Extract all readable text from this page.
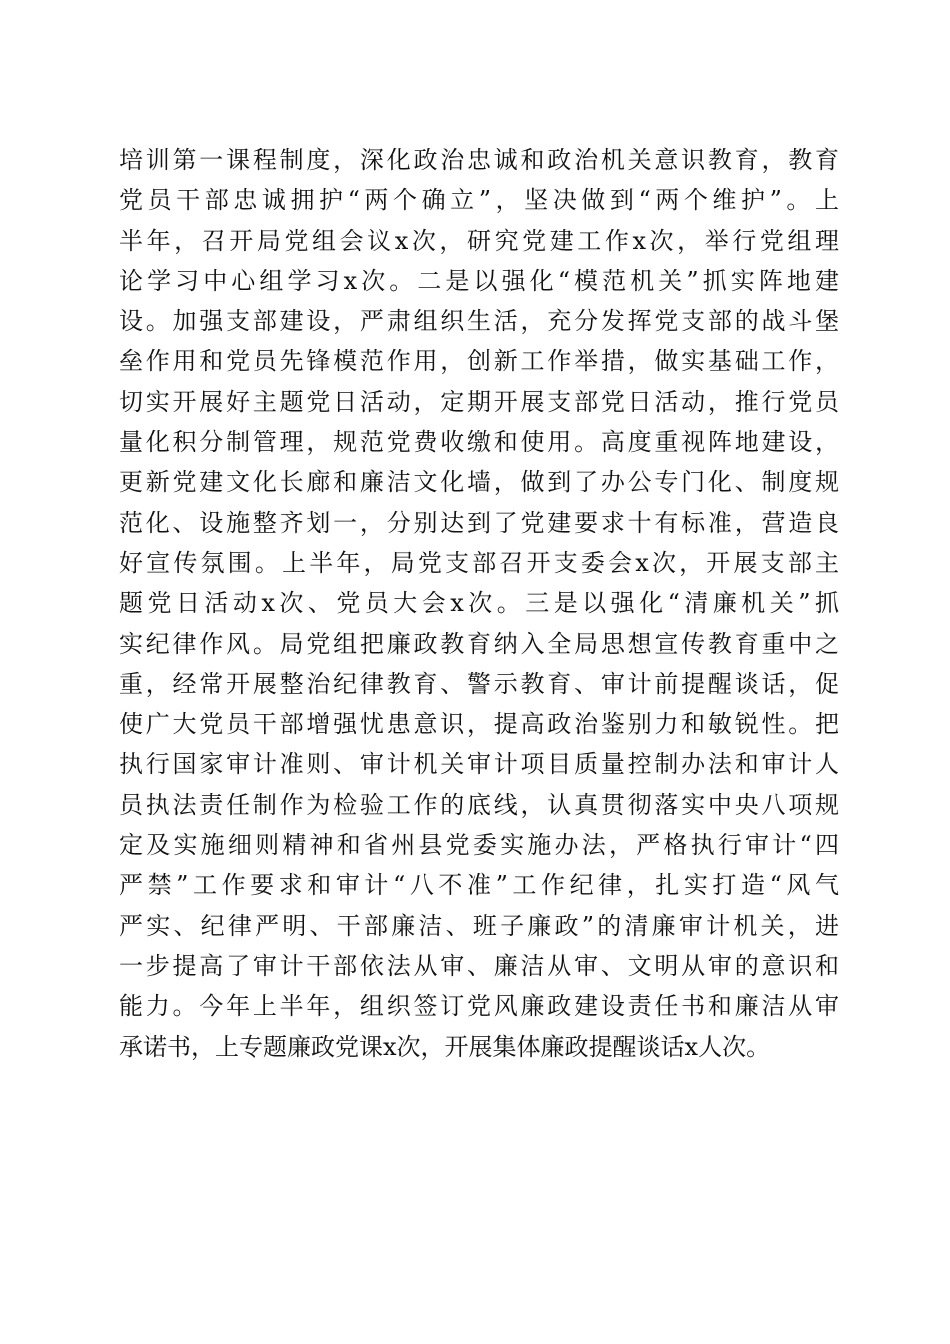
培训第一课程制度，深化政治忠诚和政治机关意识教育，教育
党员干部忠诚拥护“两个确立”，坚决做到“两个维护”。上
半年，召开局党组会议x次，研究党建工作x次，举行党组理
论学习中心组学习x次。二是以强化“模范机关”抓实阵地建
设。加强支部建设，严肃组织生活，充分发挥党支部的战斗堡
垒作用和党员先锋模范作用，创新工作举措，做实基础工作，
切实开展好主题党日活动，定期开展支部党日活动，推行党员
量化积分制管理，规范党费收缴和使用。高度重视阵地建设，
更新党建文化长廊和廉洁文化墙，做到了办公专门化、制度规
范化、设施整齐划一，分别达到了党建要求十有标准，营造良
好宣传氛围。上半年，局党支部召开支委会x次，开展支部主
题党日活动x次、党员大会x次。三是以强化“清廉机关”抓
实纪律作风。局党组把廉政教育纳入全局思想宣传教育重中之
重，经常开展整治纪律教育、警示教育、审计前提醒谈话，促
使广大党员干部增强忧患意识，提高政治鉴别力和敏锐性。把
执行国家审计准则、审计机关审计项目质量控制办法和审计人
员执法责任制作为检验工作的底线，认真贯彻落实中央八项规
定及实施细则精神和省州县党委实施办法，严格执行审计“四
严禁”工作要求和审计“八不准”工作纪律，扎实打造“风气
严实、纪律严明、干部廉洁、班子廉政”的清廉审计机关，进
一步提高了审计干部依法从审、廉洁从审、文明从审的意识和
能力。今年上半年，组织签订党风廉政建设责任书和廉洁从审
承诺书，上专题廉政党课x次，开展集体廉政提醒谈话x人次。
